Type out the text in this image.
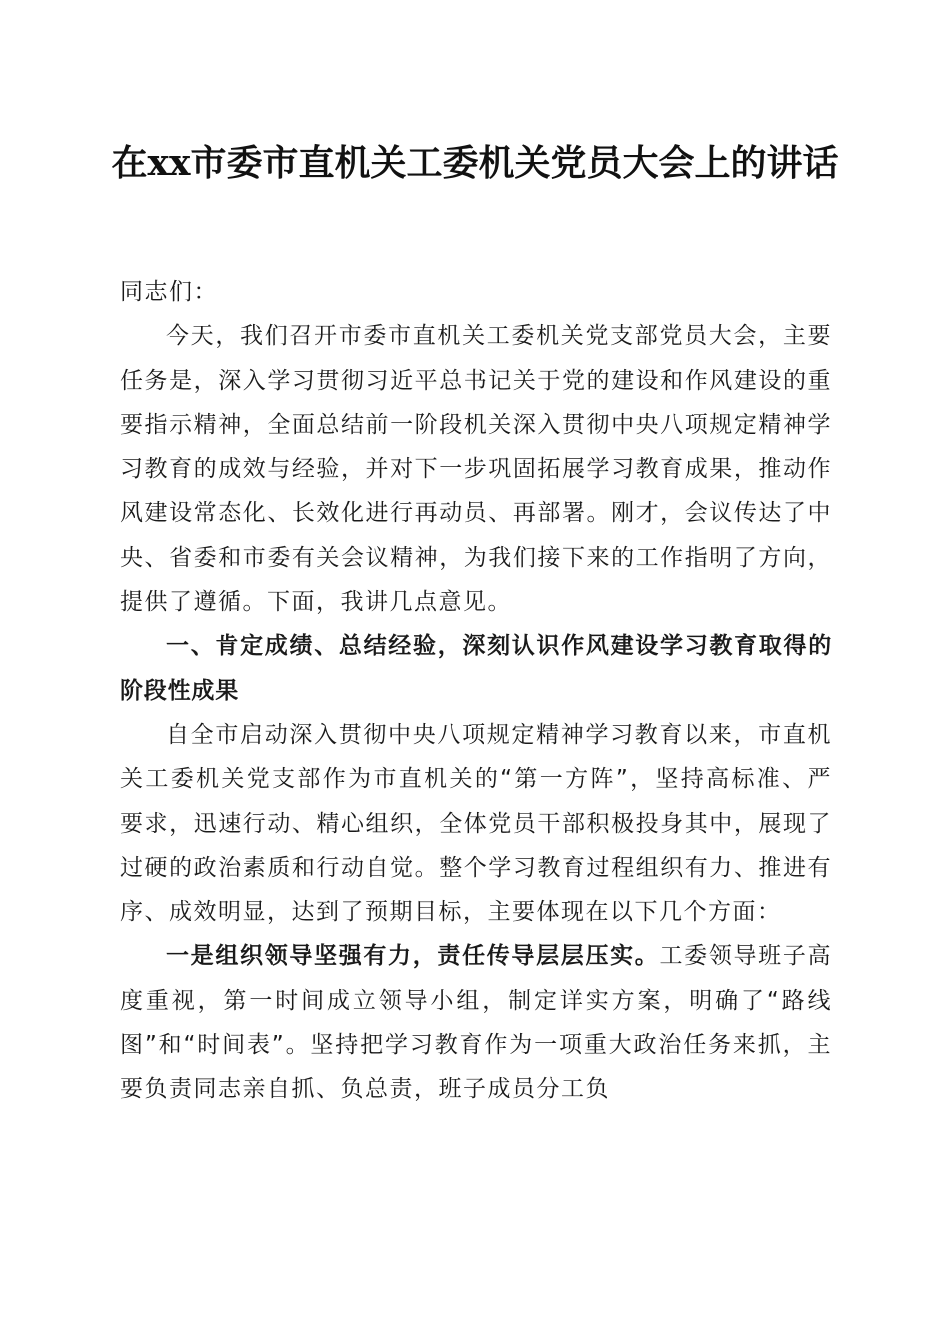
在xx市委市直机关工委机关党员大会上的讲话

同志们：

今天，我们召开市委市直机关工委机关党支部党员大会，主要任务是，深入学习贯彻习近平总书记关于党的建设和作风建设的重要指示精神，全面总结前一阶段机关深入贯彻中央八项规定精神学习教育的成效与经验，并对下一步巩固拓展学习教育成果，推动作风建设常态化、长效化进行再动员、再部署。刚才，会议传达了中央、省委和市委有关会议精神，为我们接下来的工作指明了方向，提供了遵循。下面，我讲几点意见。

一、肯定成绩、总结经验，深刻认识作风建设学习教育取得的阶段性成果

自全市启动深入贯彻中央八项规定精神学习教育以来，市直机关工委机关党支部作为市直机关的“第一方阵”，坚持高标准、严要求，迅速行动、精心组织，全体党员干部积极投身其中，展现了过硬的政治素质和行动自觉。整个学习教育过程组织有力、推进有序、成效明显，达到了预期目标，主要体现在以下几个方面：

一是组织领导坚强有力，责任传导层层压实。工委领导班子高度重视，第一时间成立领导小组，制定详实方案，明确了“路线图”和“时间表”。坚持把学习教育作为一项重大政治任务来抓，主要负责同志亲自抓、负总责，班子成员分工负
